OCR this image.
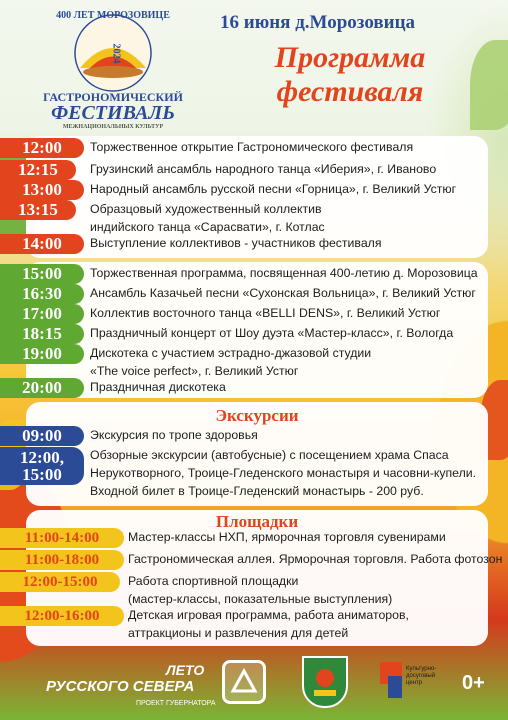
400 ЛЕТ МОРОЗОВИЦЕ
2024
ГАСТРОНОМИЧЕСКИЙ
ФЕСТИВАЛЬ
МЕЖНАЦИОНАЛЬНЫХ КУЛЬТУР
16 июня д.Морозовица
Программа
фестиваля
12:00	Торжественное открытие Гастрономического фестиваля
12:15	Грузинский ансамбль народного танца «Иберия», г. Иваново
13:00	Народный ансамбль русской песни «Горница», г. Великий Устюг
13:15	Образцовый художественный коллектив
индийского танца «Сарасвати», г. Котлас
14:00	Выступление коллективов - участников фестиваля
15:00	Торжественная программа, посвященная 400-летию д. Морозовица
16:30	Ансамбль Казачьей песни «Сухонская Вольница», г. Великий Устюг
17:00	Коллектив восточного танца «BELLI DENS», г. Великий Устюг
18:15	Праздничный концерт от Шоу дуэта «Мастер-класс», г. Вологда
19:00	Дискотека с участием эстрадно-джазовой студии
«The voice perfect», г. Великий Устюг
20:00	Праздничная дискотека
Экскурсии
09:00	Экскурсия по тропе здоровья
12:00, 15:00
Обзорные экскурсии (автобусные) с посещением храма Спаса
Нерукотворного, Троице-Гледенского монастыря и часовни-купели.
Входной билет в Троице-Гледенский монастырь - 200 руб.
Площадки
11:00-14:00	Мастер-классы НХП, ярморочная торговля сувенирами
11:00-18:00	Гастрономическая аллея. Ярморочная торговля. Работа фотозон
12:00-15:00	Работа спортивной площадки
(мастер-классы, показательные выступления)
12:00-16:00	Детская игровая программа, работа аниматоров,
аттракционы и развлечения для детей
ЛЕТО
РУССКОГО СЕВЕРА
ПРОЕКТ ГУБЕРНАТОРА
Культурно-досуговый центр	0+
